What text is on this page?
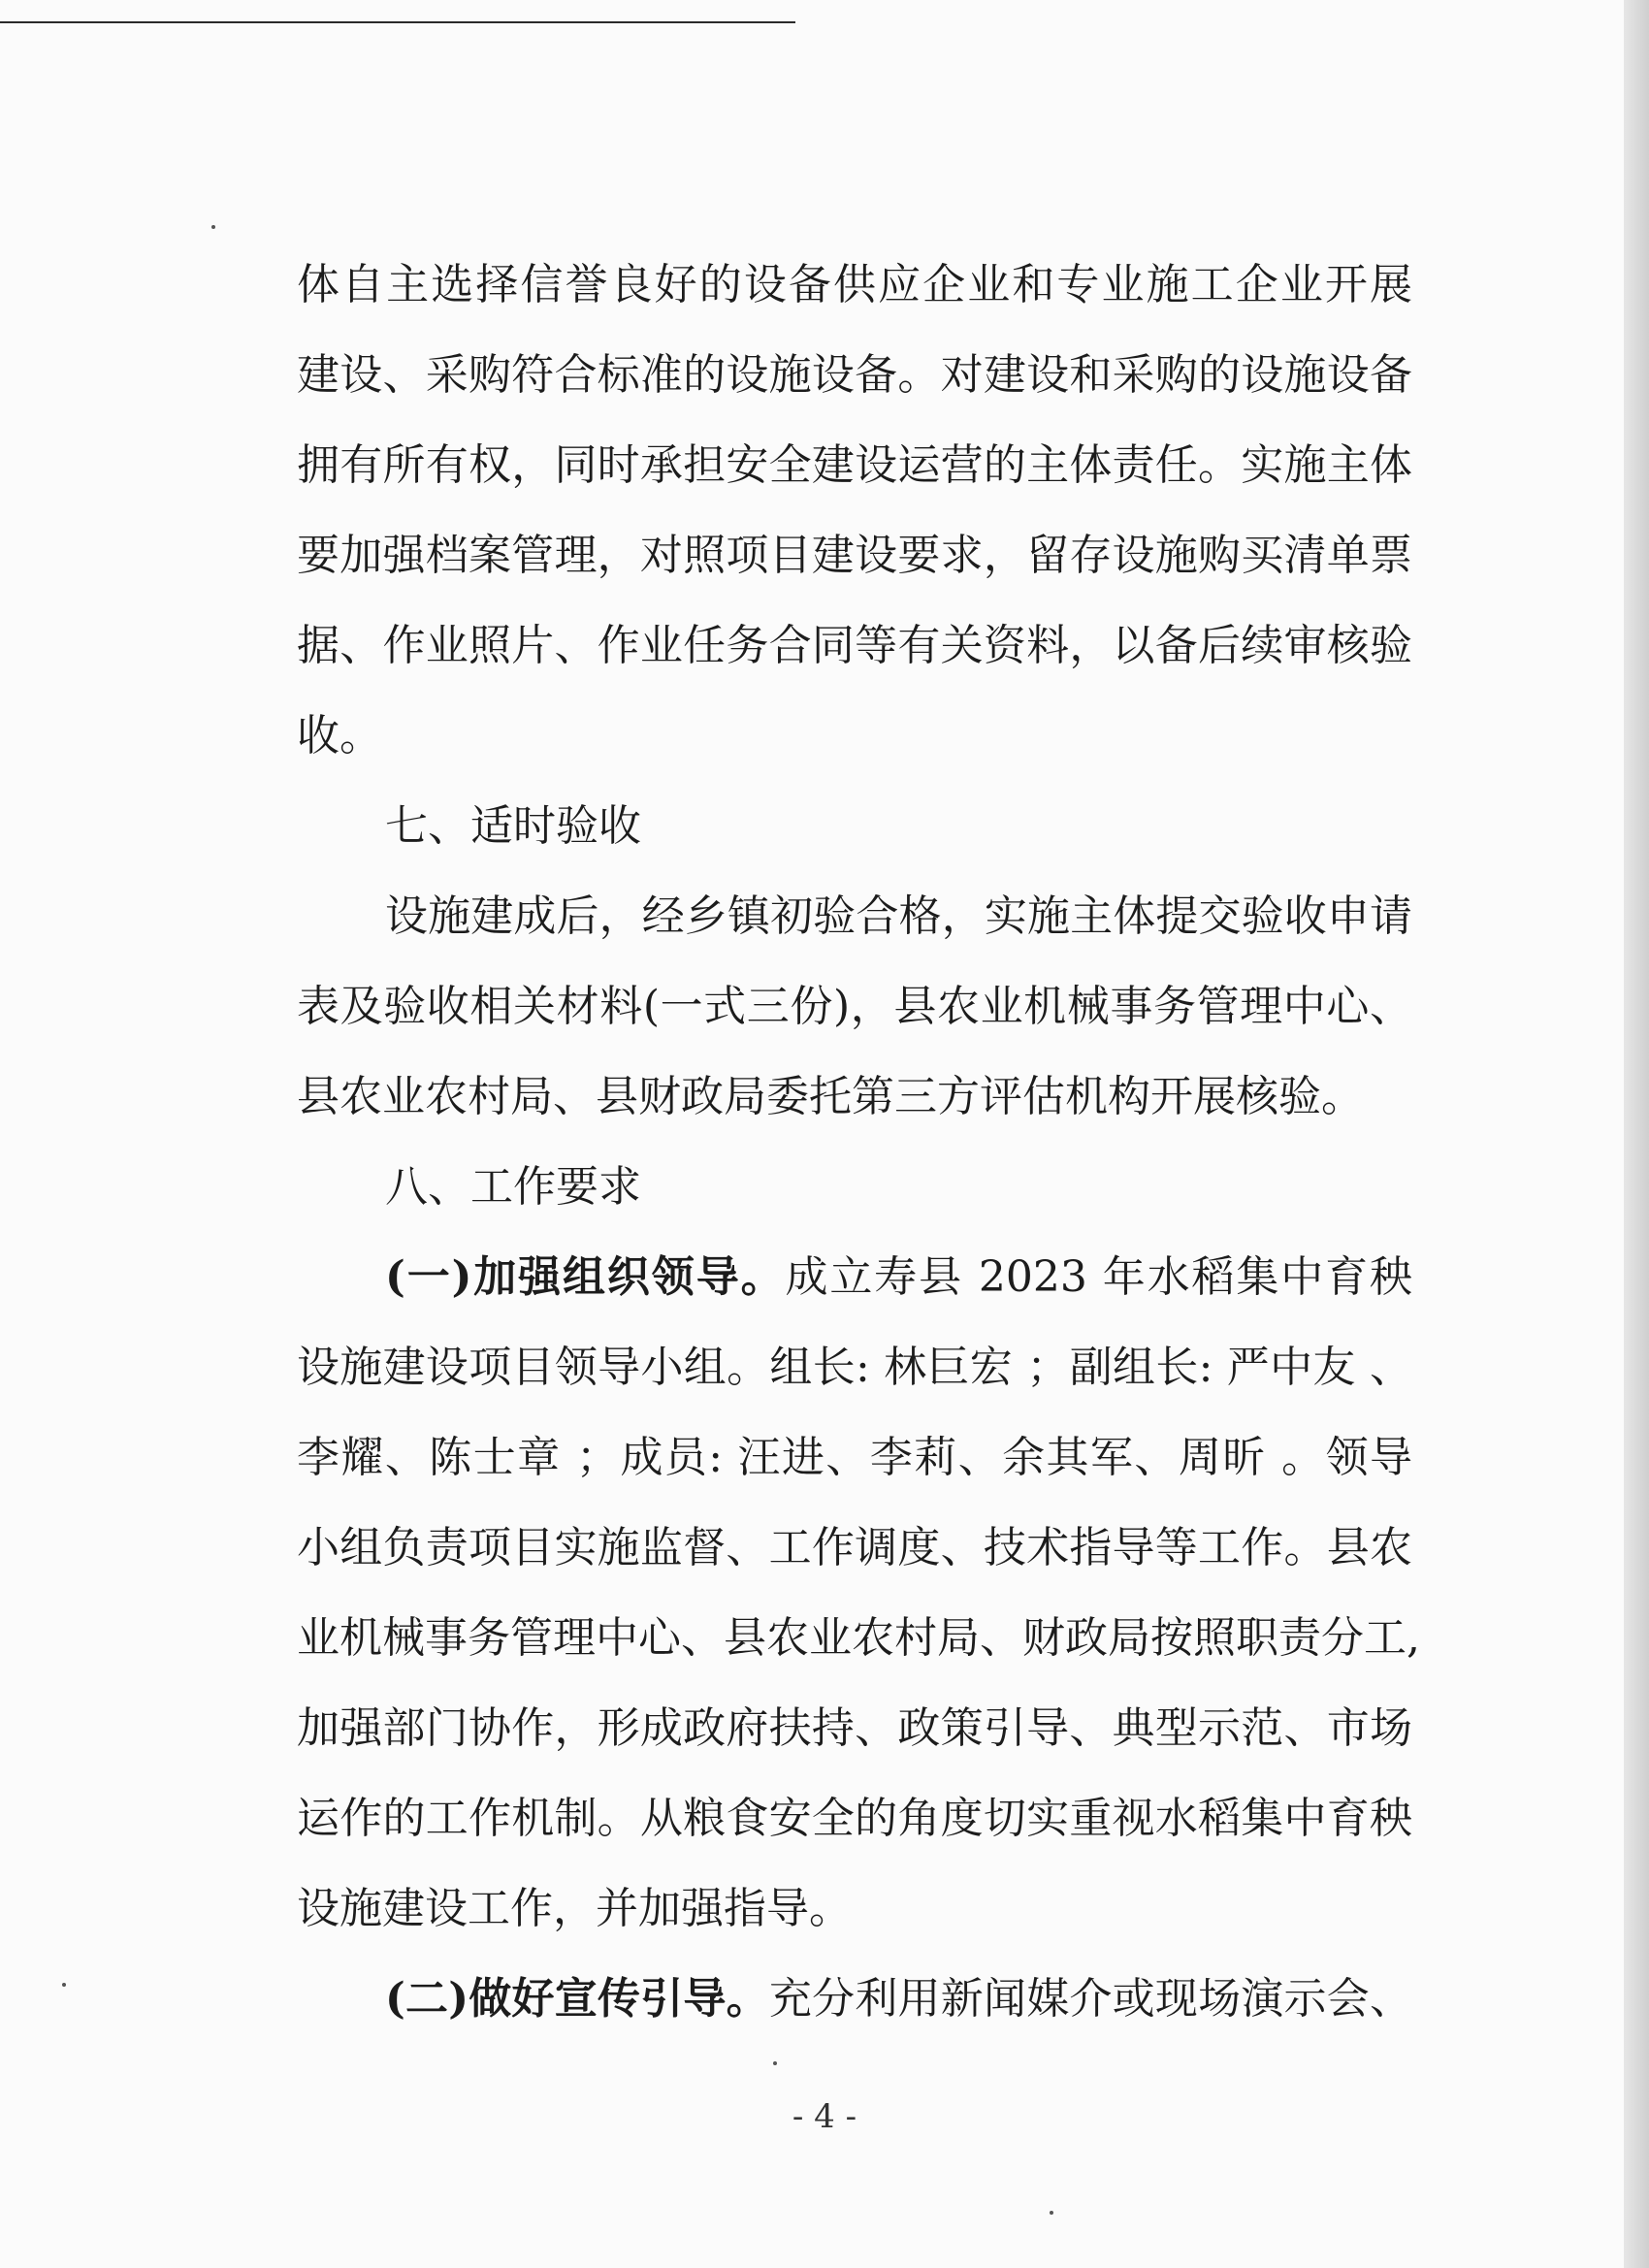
体自主选择信誉良好的设备供应企业和专业施工企业开展
建设、采购符合标准的设施设备。对建设和采购的设施设备
拥有所有权，同时承担安全建设运营的主体责任。实施主体
要加强档案管理，对照项目建设要求，留存设施购买清单票
据、作业照片、作业任务合同等有关资料，以备后续审核验
收。
七、适时验收
设施建成后，经乡镇初验合格，实施主体提交验收申请
表及验收相关材料(一式三份)，县农业机械事务管理中心、
县农业农村局、县财政局委托第三方评估机构开展核验。
八、工作要求
(一)加强组织领导。成立寿县 2023 年水稻集中育秧
设施建设项目领导小组。组长: 林巨宏 ；副组长: 严中友 、
李耀、陈士章 ；成员: 汪进、李莉、余其军、周昕 。领导
小组负责项目实施监督、工作调度、技术指导等工作。县农
业机械事务管理中心、县农业农村局、财政局按照职责分工,
加强部门协作，形成政府扶持、政策引导、典型示范、市场
运作的工作机制。从粮食安全的角度切实重视水稻集中育秧
设施建设工作，并加强指导。
(二)做好宣传引导。充分利用新闻媒介或现场演示会、
- 4 -
